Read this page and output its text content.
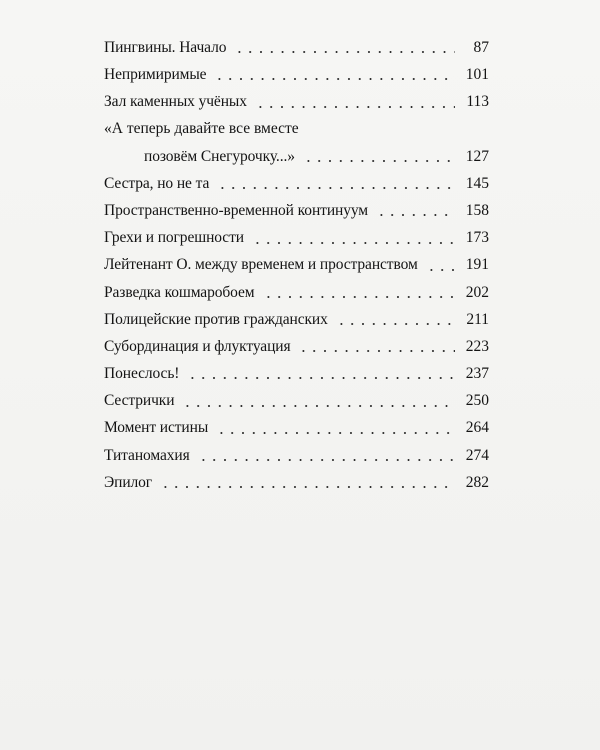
Пингвины. Начало	87
Непримиримые	101
Зал каменных учёных	113
«А теперь давайте все вместе
позовём Снегурочку...»	127
Сестра, но не та	145
Пространственно-временной континуум	158
Грехи и погрешности	173
Лейтенант О. между временем и пространством	191
Разведка кошмаробоем	202
Полицейские против гражданских	211
Субординация и флуктуация	223
Понеслось!	237
Сестрички	250
Момент истины	264
Титаномахия	274
Эпилог	282
